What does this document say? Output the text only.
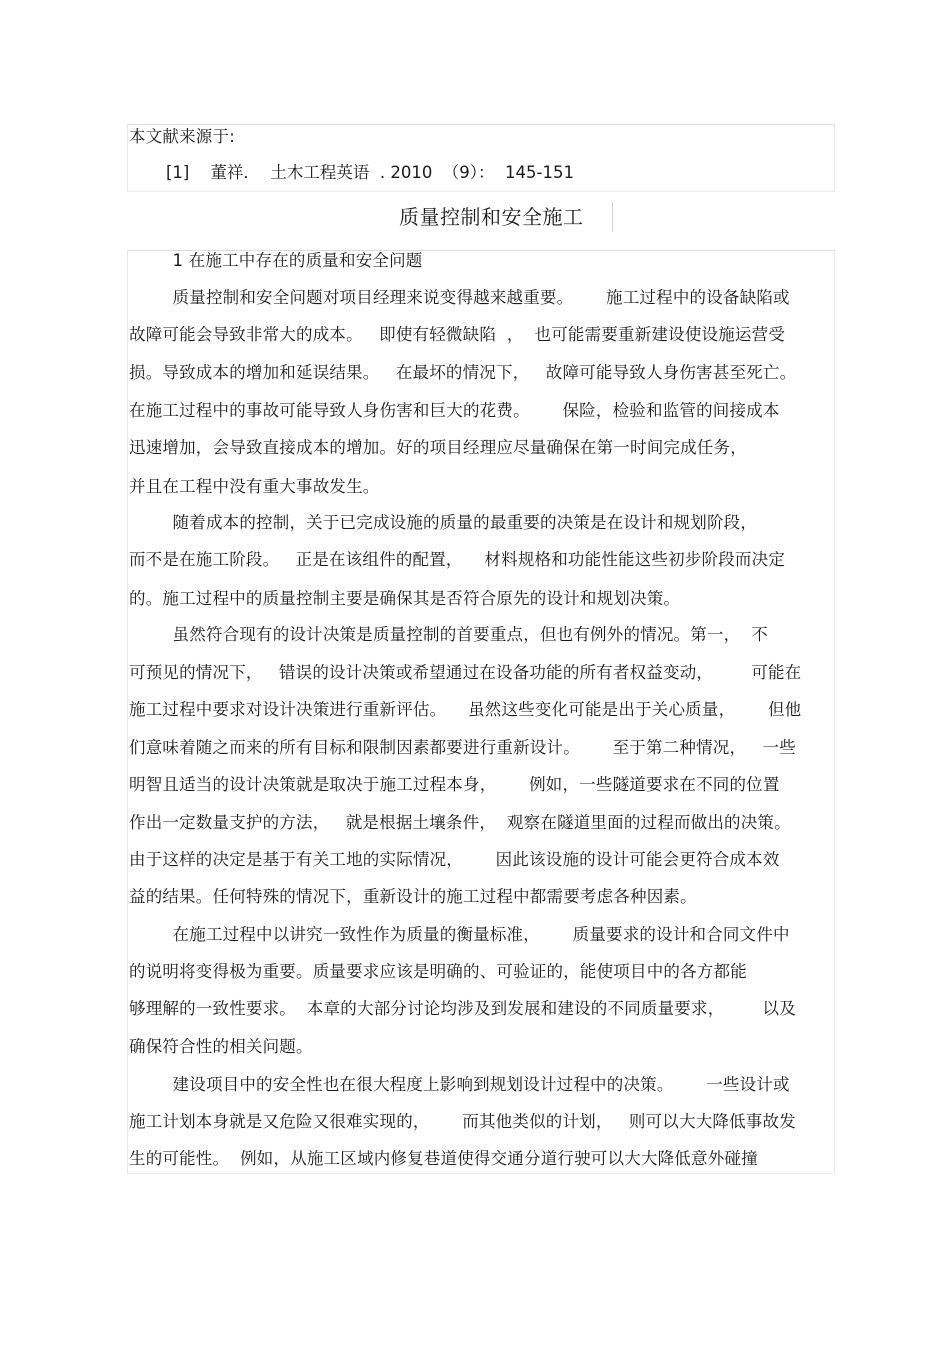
本文献来源于:
[1]    董祥．  土木工程英语  . 2010  （9）：  145-151
质量控制和安全施工
1 在施工中存在的质量和安全问题
质量控制和安全问题对项目经理来说变得越来越重要。      施工过程中的设备缺陷或
故障可能会导致非常大的成本。   即使有轻微缺陷  ，  也可能需要重新建设使设施运营受
损。导致成本的增加和延误结果。   在最坏的情况下，   故障可能导致人身伤害甚至死亡。
在施工过程中的事故可能导致人身伤害和巨大的花费。      保险，检验和监管的间接成本
迅速增加，会导致直接成本的增加。好的项目经理应尽量确保在第一时间完成任务，
并且在工程中没有重大事故发生。
随着成本的控制，关于已完成设施的质量的最重要的决策是在设计和规划阶段，
而不是在施工阶段。   正是在该组件的配置，    材料规格和功能性能这些初步阶段而决定
的。施工过程中的质量控制主要是确保其是否符合原先的设计和规划决策。
虽然符合现有的设计决策是质量控制的首要重点，但也有例外的情况。第一，  不
可预见的情况下，   错误的设计决策或希望通过在设备功能的所有者权益变动，       可能在
施工过程中要求对设计决策进行重新评估。    虽然这些变化可能是出于关心质量，      但他
们意味着随之而来的所有目标和限制因素都要进行重新设计。      至于第二种情况，   一些
明智且适当的设计决策就是取决于施工过程本身，      例如，一些隧道要求在不同的位置
作出一定数量支护的方法，   就是根据土壤条件，  观察在隧道里面的过程而做出的决策。
由于这样的决定是基于有关工地的实际情况，      因此该设施的设计可能会更符合成本效
益的结果。任何特殊的情况下，重新设计的施工过程中都需要考虑各种因素。
在施工过程中以讲究一致性作为质量的衡量标准，      质量要求的设计和合同文件中
的说明将变得极为重要。质量要求应该是明确的、可验证的，能使项目中的各方都能
够理解的一致性要求。  本章的大部分讨论均涉及到发展和建设的不同质量要求，       以及
确保符合性的相关问题。
建设项目中的安全性也在很大程度上影响到规划设计过程中的决策。      一些设计或
施工计划本身就是又危险又很难实现的，      而其他类似的计划，   则可以大大降低事故发
生的可能性。  例如，从施工区域内修复巷道使得交通分道行驶可以大大降低意外碰撞
